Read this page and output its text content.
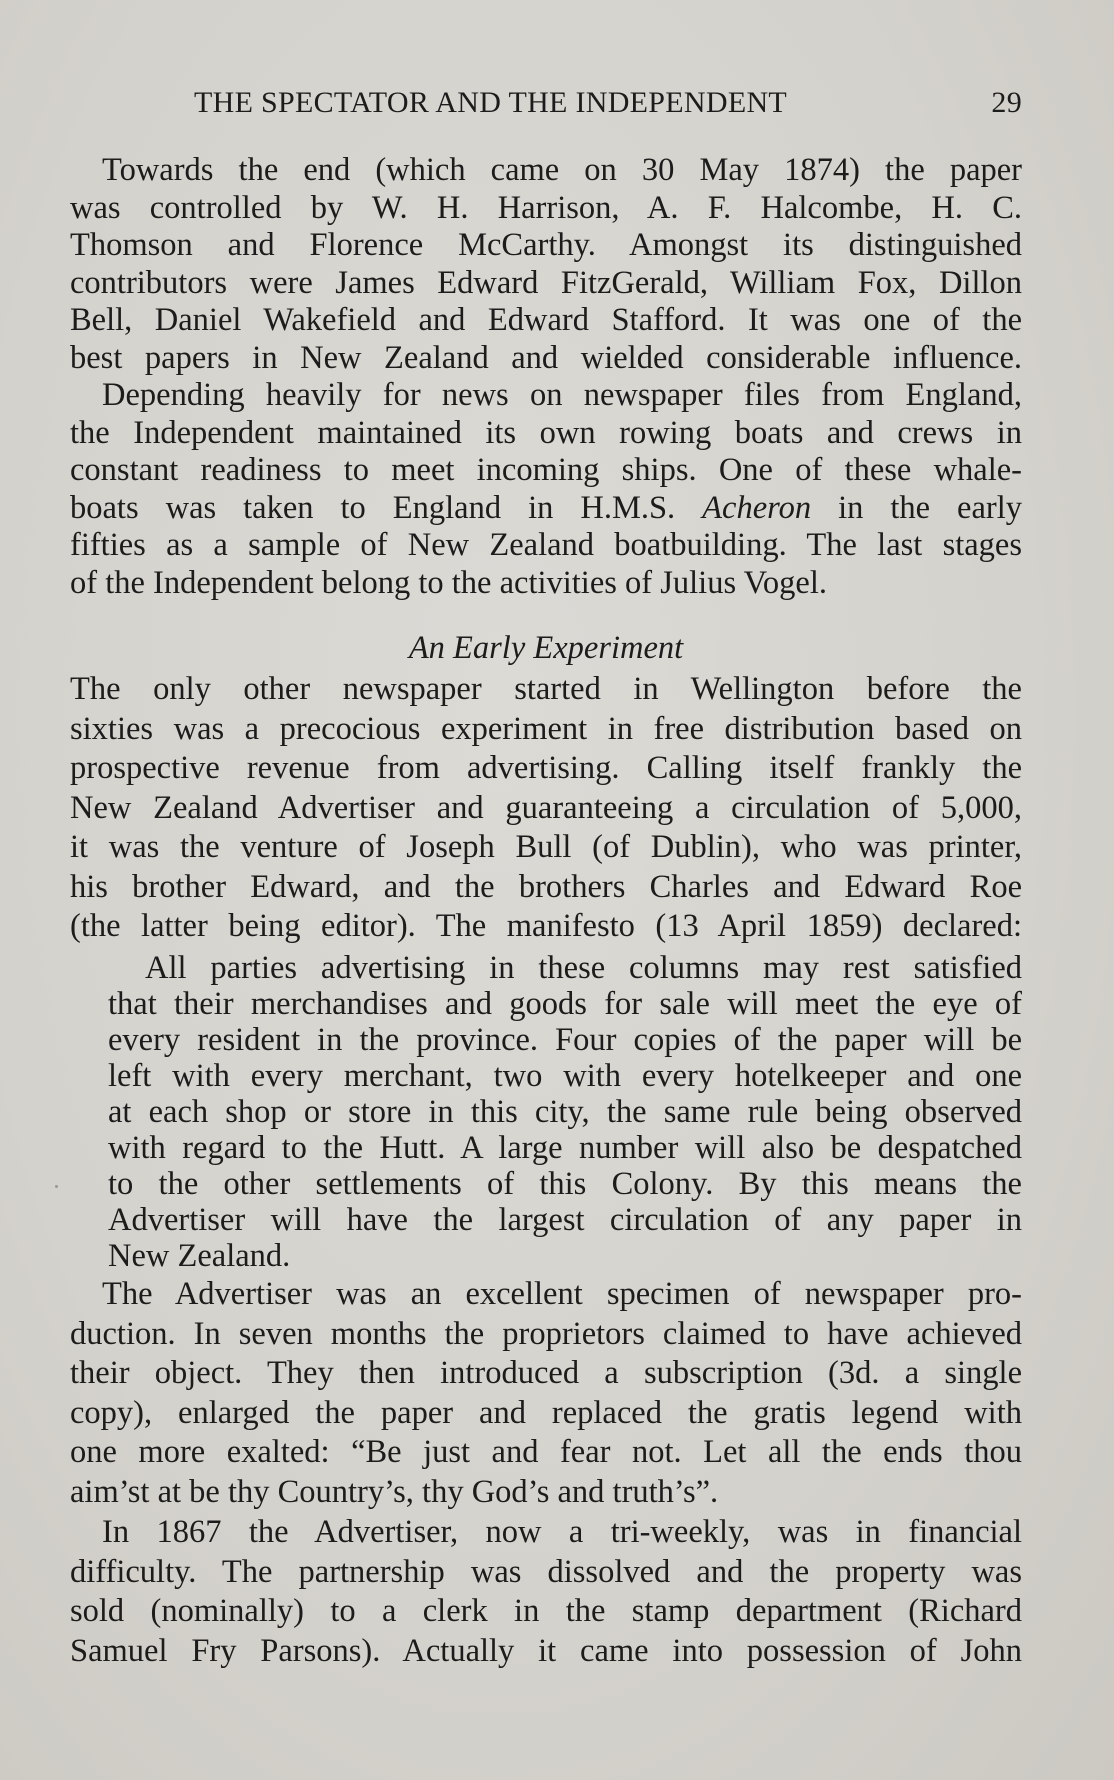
THE SPECTATOR AND THE INDEPENDENT	29
Towards the end (which came on 30 May 1874) the paper
was controlled by W. H. Harrison, A. F. Halcombe, H. C.
Thomson and Florence McCarthy. Amongst its distinguished
contributors were James Edward FitzGerald, William Fox, Dillon
Bell, Daniel Wakefield and Edward Stafford. It was one of the
best papers in New Zealand and wielded considerable influence.
Depending heavily for news on newspaper files from England,
the Independent maintained its own rowing boats and crews in
constant readiness to meet incoming ships. One of these whale-
boats was taken to England in H.M.S. Acheron in the early
fifties as a sample of New Zealand boatbuilding. The last stages
of the Independent belong to the activities of Julius Vogel.
An Early Experiment
The only other newspaper started in Wellington before the
sixties was a precocious experiment in free distribution based on
prospective revenue from advertising. Calling itself frankly the
New Zealand Advertiser and guaranteeing a circulation of 5,000,
it was the venture of Joseph Bull (of Dublin), who was printer,
his brother Edward, and the brothers Charles and Edward Roe
(the latter being editor). The manifesto (13 April 1859) declared:
All parties advertising in these columns may rest satisfied
that their merchandises and goods for sale will meet the eye of
every resident in the province. Four copies of the paper will be
left with every merchant, two with every hotelkeeper and one
at each shop or store in this city, the same rule being observed
with regard to the Hutt. A large number will also be despatched
to the other settlements of this Colony. By this means the
Advertiser will have the largest circulation of any paper in
New Zealand.
The Advertiser was an excellent specimen of newspaper pro-
duction. In seven months the proprietors claimed to have achieved
their object. They then introduced a subscription (3d. a single
copy), enlarged the paper and replaced the gratis legend with
one more exalted: “Be just and fear not. Let all the ends thou
aim’st at be thy Country’s, thy God’s and truth’s”.
In 1867 the Advertiser, now a tri-weekly, was in financial
difficulty. The partnership was dissolved and the property was
sold (nominally) to a clerk in the stamp department (Richard
Samuel Fry Parsons). Actually it came into possession of John
